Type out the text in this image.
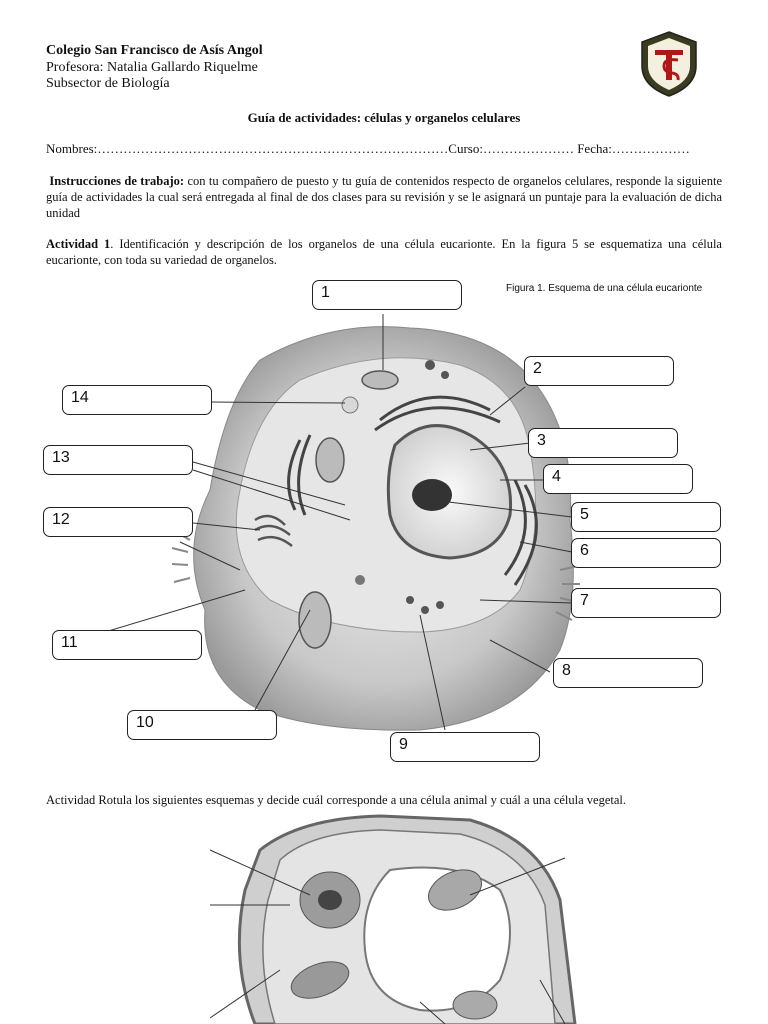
Colegio San Francisco de Asís Angol
Profesora: Natalia Gallardo Riquelme
Subsector de Biología
Guía de actividades: células y organelos celulares
Nombres:………………………………………………………………………Curso:………………… Fecha:………………
Instrucciones de trabajo: con tu compañero de puesto y tu guía de contenidos respecto de organelos celulares, responde la siguiente guía de actividades la cual será entregada al final de dos clases para su revisión y se le asignará un puntaje para la evaluación de dicha unidad
Actividad 1. Identificación y descripción de los organelos de una célula eucarionte. En la figura 5 se esquematiza una célula eucarionte, con toda su variedad de organelos.
Figura 1. Esquema de una célula eucarionte
1
2
3
4
5
6
7
8
9
10
11
12
13
14
Actividad Rotula los siguientes esquemas y decide cuál corresponde a una célula animal y cuál a una célula vegetal.
